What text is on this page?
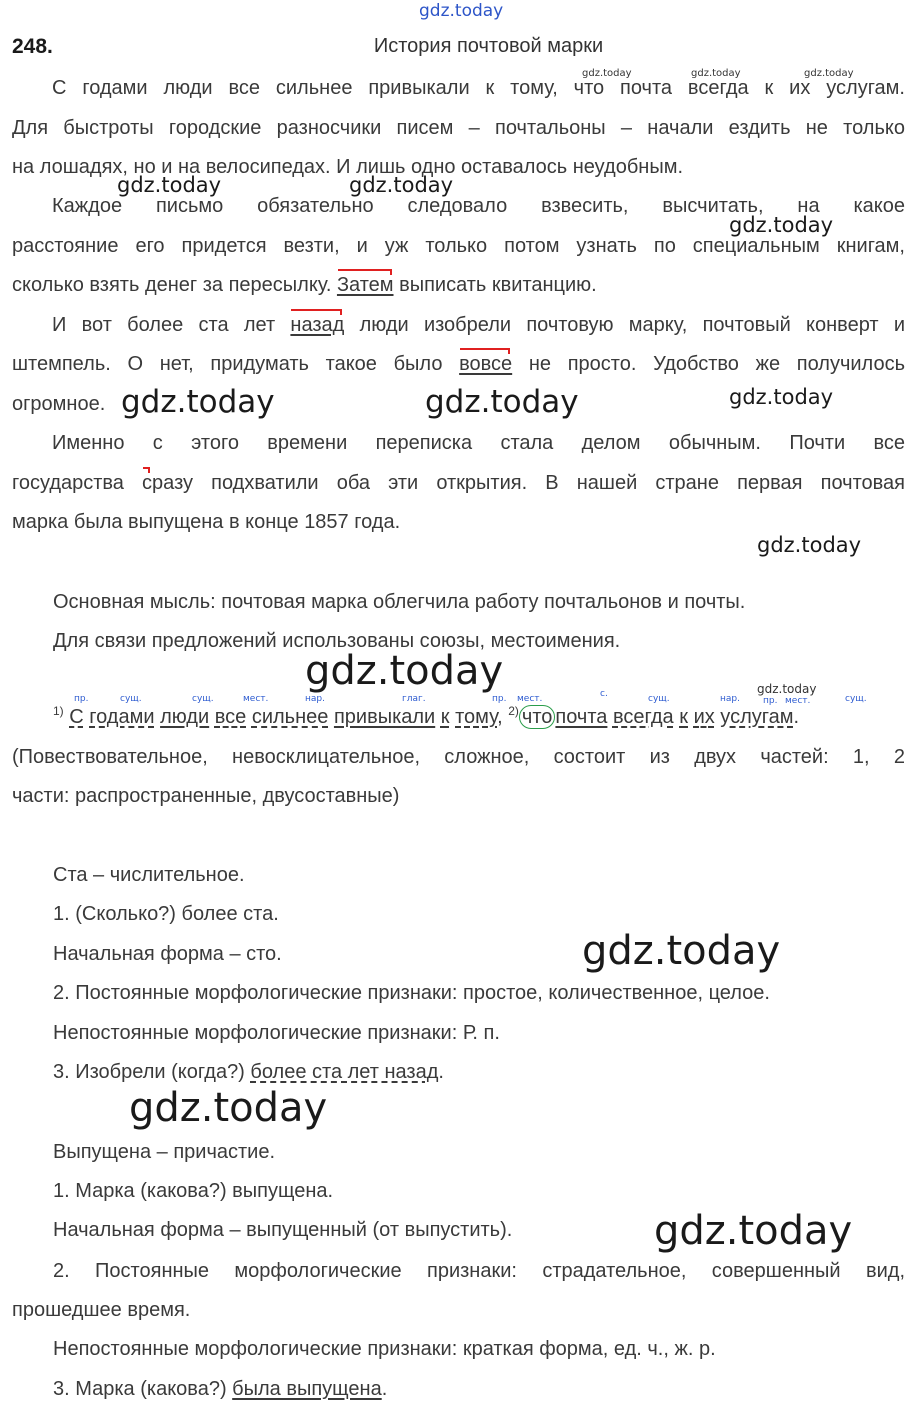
gdz.today
gdz.today	gdz.today	gdz.today
gdz.today	gdz.today
gdz.today
gdz.today	gdz.today	gdz.today
gdz.today
gdz.today	gdz.today
gdz.today
gdz.today
gdz.today
248.	История почтовой марки
С годами люди все сильнее привыкали к тому, что почта всегда к их услугам.
Для быстроты городские разносчики писем – почтальоны – начали ездить не только
на лошадях, но и на велосипедах. И лишь одно оставалось неудобным.
Каждое письмо обязательно следовало взвесить, высчитать, на какое
расстояние его придется везти, и уж только потом узнать по специальным книгам,
сколько взять денег за пересылку. Затем выписать квитанцию.
И вот более ста лет назад люди изобрели почтовую марку, почтовый конверт и
штемпель. О нет, придумать такое было вовсе не просто. Удобство же получилось
огромное.
Именно с этого времени переписка стала делом обычным. Почти все
государства сразу подхватили оба эти открытия. В нашей стране первая почтовая
марка была выпущена в конце 1857 года.
Основная мысль: почтовая марка облегчила работу почтальонов и почты.
Для связи предложений использованы союзы, местоимения.
пр.	сущ.	сущ.	мест.	нар.	глаг.	пр. мест.	с.	сущ.	нар.	пр. мест.	сущ.
$^{1)}$ С годами люди все сильнее привыкали к тому, $^{2)}$ что почта всегда к их услугам.
(Повествовательное, невосклицательное, сложное, состоит из двух частей: 1, 2
части: распространенные, двусоставные)
Ста – числительное.
1. (Сколько?) более ста.
Начальная форма – сто.
2. Постоянные морфологические признаки: простое, количественное, целое.
Непостоянные морфологические признаки: Р. п.
3. Изобрели (когда?) более ста лет назад.
Выпущена – причастие.
1. Марка (какова?) выпущена.
Начальная форма – выпущенный (от выпустить).
2. Постоянные морфологические признаки: страдательное, совершенный вид,
прошедшее время.
Непостоянные морфологические признаки: краткая форма, ед. ч., ж. р.
3. Марка (какова?) была выпущена.
